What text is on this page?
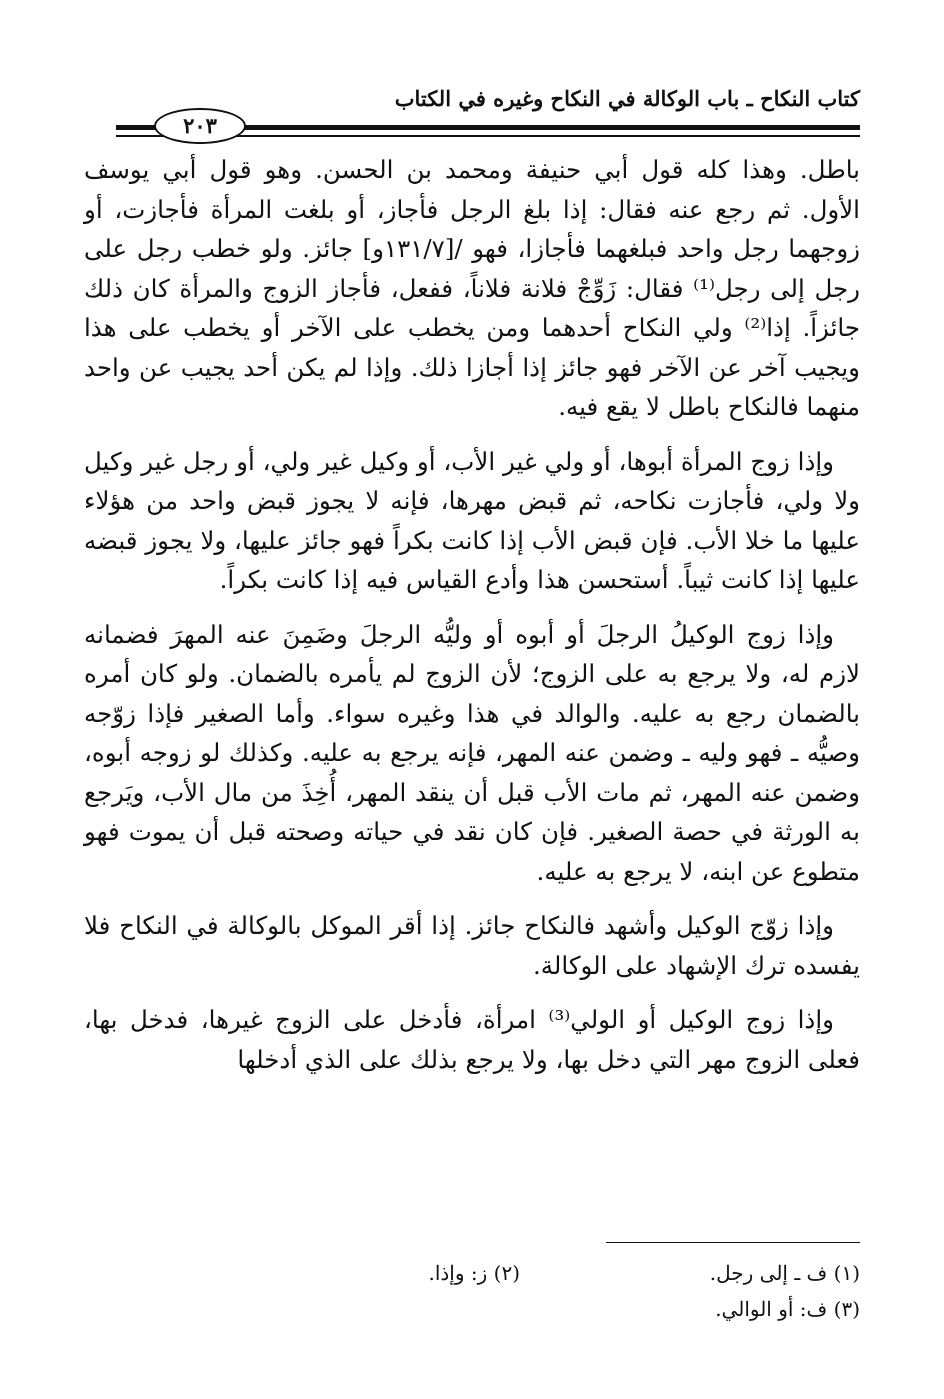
كتاب النكاح ـ باب الوكالة في النكاح وغيره في الكتاب
٢٠٣

باطل. وهذا كله قول أبي حنيفة ومحمد بن الحسن. وهو قول أبي يوسف الأول. ثم رجع عنه فقال: إذا بلغ الرجل فأجاز، أو بلغت المرأة فأجازت، أو زوجهما رجل واحد فبلغهما فأجازا، فهو /[١٣١/٧و] جائز. ولو خطب رجل على رجل إلى رجل⁽¹⁾ فقال: زَوِّجْ فلانة فلاناً، ففعل، فأجاز الزوج والمرأة كان ذلك جائزاً. إذا⁽²⁾ ولي النكاح أحدهما ومن يخطب على الآخر أو يخطب على هذا ويجيب آخر عن الآخر فهو جائز إذا أجازا ذلك. وإذا لم يكن أحد يجيب عن واحد منهما فالنكاح باطل لا يقع فيه.

وإذا زوج المرأة أبوها، أو ولي غير الأب، أو وكيل غير ولي، أو رجل غير وكيل ولا ولي، فأجازت نكاحه، ثم قبض مهرها، فإنه لا يجوز قبض واحد من هؤلاء عليها ما خلا الأب. فإن قبض الأب إذا كانت بكراً فهو جائز عليها، ولا يجوز قبضه عليها إذا كانت ثيباً. أستحسن هذا وأدع القياس فيه إذا كانت بكراً.

وإذا زوج الوكيلُ الرجلَ أو أبوه أو وليُّه الرجلَ وضَمِنَ عنه المهرَ فضمانه لازم له، ولا يرجع به على الزوج؛ لأن الزوج لم يأمره بالضمان. ولو كان أمره بالضمان رجع به عليه. والوالد في هذا وغيره سواء. وأما الصغير فإذا زوّجه وصيُّه ـ فهو وليه ـ وضمن عنه المهر، فإنه يرجع به عليه. وكذلك لو زوجه أبوه، وضمن عنه المهر، ثم مات الأب قبل أن ينقد المهر، أُخِذَ من مال الأب، ويَرجع به الورثة في حصة الصغير. فإن كان نقد في حياته وصحته قبل أن يموت فهو متطوع عن ابنه، لا يرجع به عليه.

وإذا زوّج الوكيل وأشهد فالنكاح جائز. إذا أقر الموكل بالوكالة في النكاح فلا يفسده ترك الإشهاد على الوكالة.

وإذا زوج الوكيل أو الولي⁽³⁾ امرأة، فأدخل على الزوج غيرها، فدخل بها، فعلى الزوج مهر التي دخل بها، ولا يرجع بذلك على الذي أدخلها

(١) ف ـ إلى رجل.
(٢) ز: وإذا.
(٣) ف: أو الوالي.
